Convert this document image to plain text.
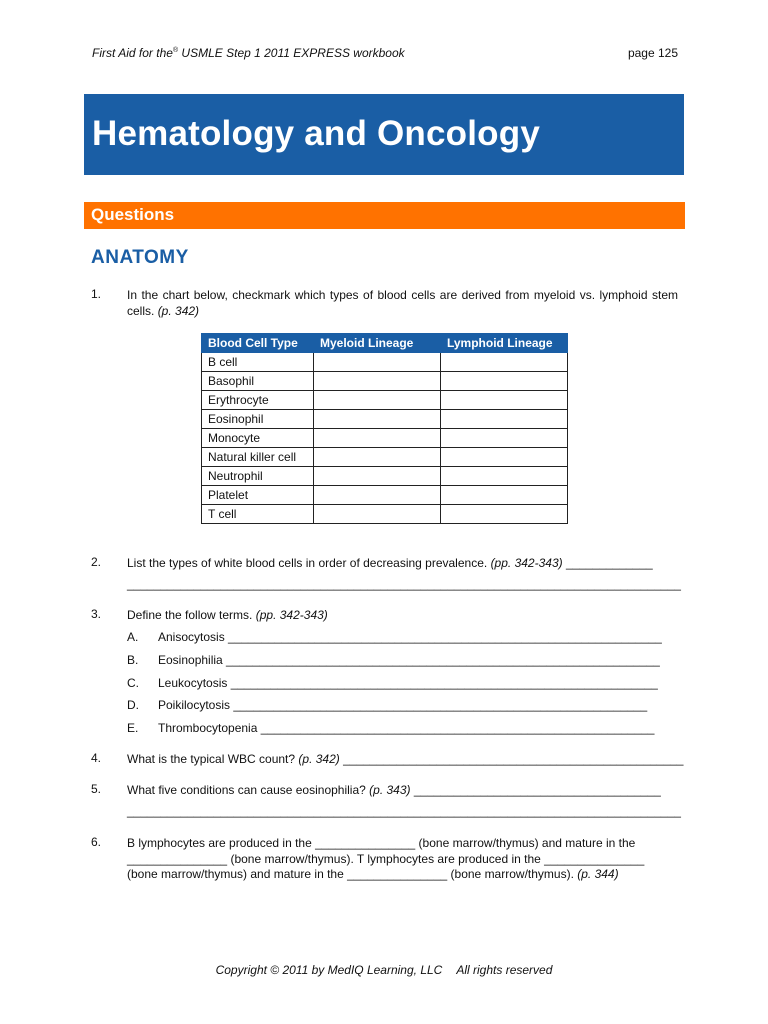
First Aid for the® USMLE Step 1 2011 EXPRESS workbook	page 125
Hematology and Oncology
Questions
ANATOMY
1. In the chart below, checkmark which types of blood cells are derived from myeloid vs. lymphoid stem cells. (p. 342)
Blood Cell Type	Myeloid Lineage	Lymphoid Lineage
B cell		
Basophil		
Erythrocyte		
Eosinophil		
Monocyte		
Natural killer cell		
Neutrophil		
Platelet		
T cell		
2. List the types of white blood cells in order of decreasing prevalence. (pp. 342-343) _____________
___________________________________________________________________________________
3. Define the follow terms. (pp. 342-343)
A. Anisocytosis _________________________________________________________________
B. Eosinophilia _________________________________________________________________
C. Leukocytosis ________________________________________________________________
D. Poikilocytosis ______________________________________________________________
E. Thrombocytopenia ___________________________________________________________
4. What is the typical WBC count? (p. 342) ___________________________________________________
5. What five conditions can cause eosinophilia? (p. 343) _____________________________________
___________________________________________________________________________________
6. B lymphocytes are produced in the _______________ (bone marrow/thymus) and mature in the
_______________ (bone marrow/thymus). T lymphocytes are produced in the _______________
(bone marrow/thymus) and mature in the _______________ (bone marrow/thymus). (p. 344)
Copyright © 2011 by MedIQ Learning, LLC All rights reserved
